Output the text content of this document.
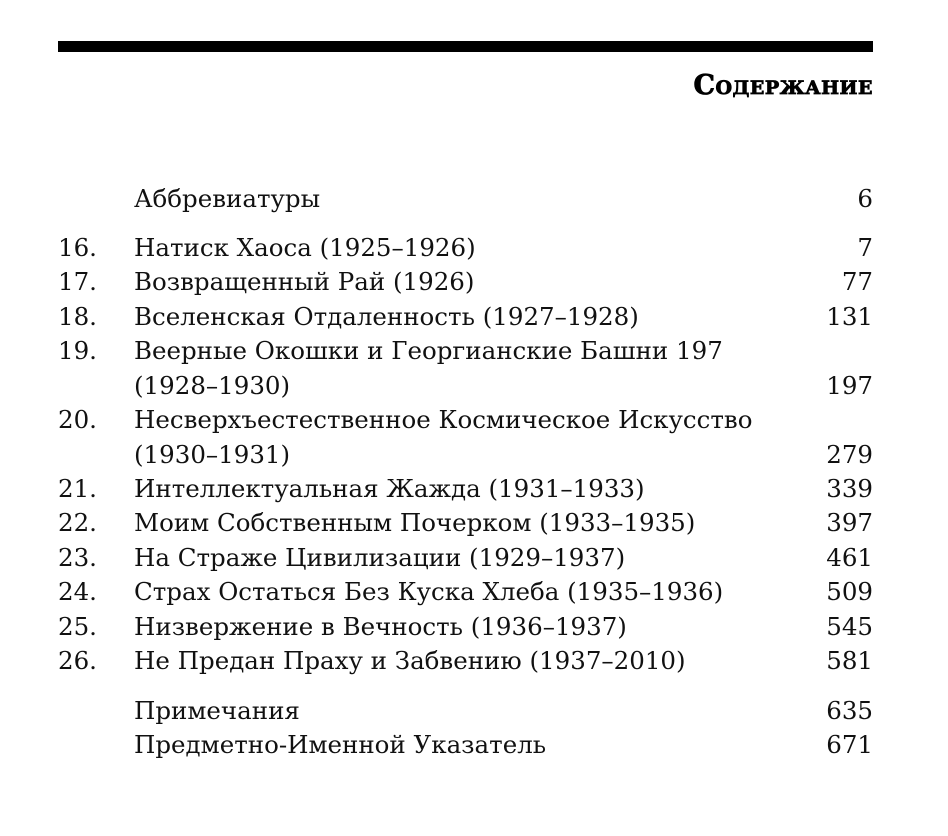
Содержание
Аббревиатуры	6
16.	Натиск Хаоса (1925–1926)	7
17.	Возвращенный Рай (1926)	77
18.	Вселенская Отдаленность (1927–1928)	131
19.	Веерные Окошки и Георгианские Башни 197
(1928–1930)	197
20.	Несверхъестественное Космическое Искусство
(1930–1931)	279
21.	Интеллектуальная Жажда (1931–1933)	339
22.	Моим Собственным Почерком (1933–1935)	397
23.	На Страже Цивилизации (1929–1937)	461
24.	Страх Остаться Без Куска Хлеба (1935–1936)	509
25.	Низвержение в Вечность (1936–1937)	545
26.	Не Предан Праху и Забвению (1937–2010)	581
Примечания	635
Предметно-Именной Указатель	671
